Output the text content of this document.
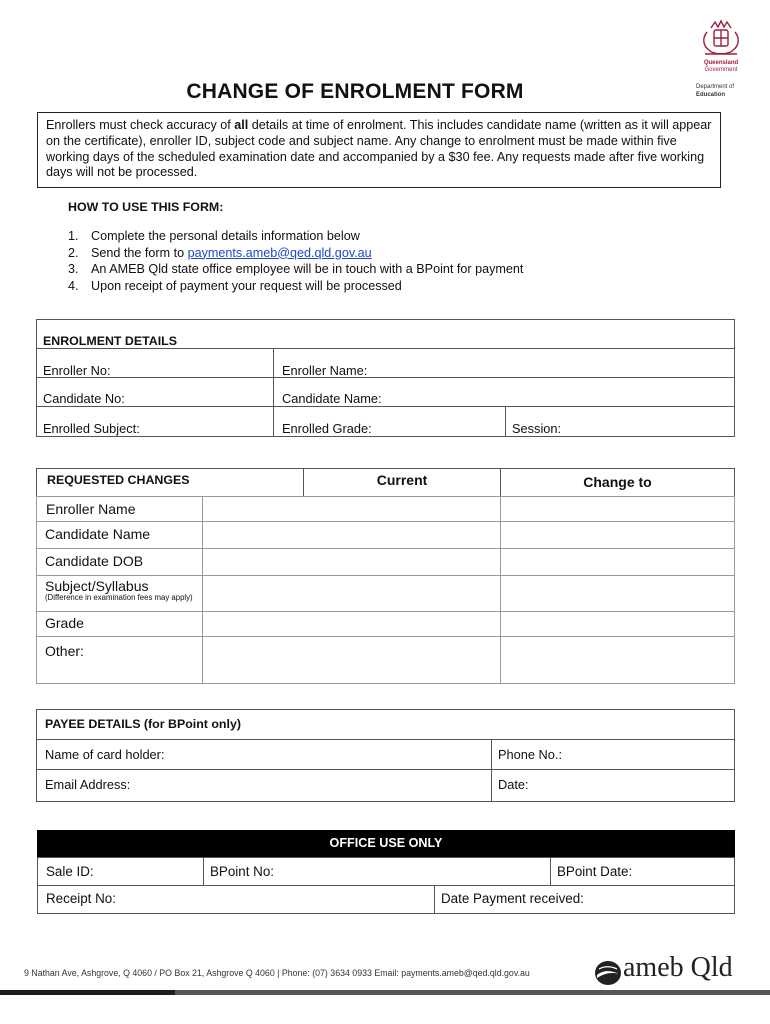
Queensland
Government
Department of
Education
CHANGE OF ENROLMENT FORM
Enrollers must check accuracy of all details at time of enrolment. This includes candidate name (written as it will appear on the certificate), enroller ID, subject code and subject name. Any change to enrolment must be made within five working days of the scheduled examination date and accompanied by a $30 fee. Any requests made after five working days will not be processed.
HOW TO USE THIS FORM:
1. Complete the personal details information below
2. Send the form to payments.ameb@qed.qld.gov.au
3. An AMEB Qld state office employee will be in touch with a BPoint for payment
4. Upon receipt of payment your request will be processed
ENROLMENT DETAILS
Enroller No:	Enroller Name:
Candidate No:	Candidate Name:
Enrolled Subject:	Enrolled Grade:	Session:
REQUESTED CHANGES	Current	Change to
Enroller Name
Candidate Name
Candidate DOB
Subject/Syllabus
(Difference in examination fees may apply)
Grade
Other:
PAYEE DETAILS (for BPoint only)
Name of card holder:	Phone No.:
Email Address:	Date:
OFFICE USE ONLY
Sale ID:	BPoint No:	BPoint Date:
Receipt No:	Date Payment received:
9 Nathan Ave, Ashgrove, Q 4060 / PO Box 21, Ashgrove Q 4060 | Phone: (07) 3634 0933 Email: payments.ameb@qed.qld.gov.au	ameb Qld
